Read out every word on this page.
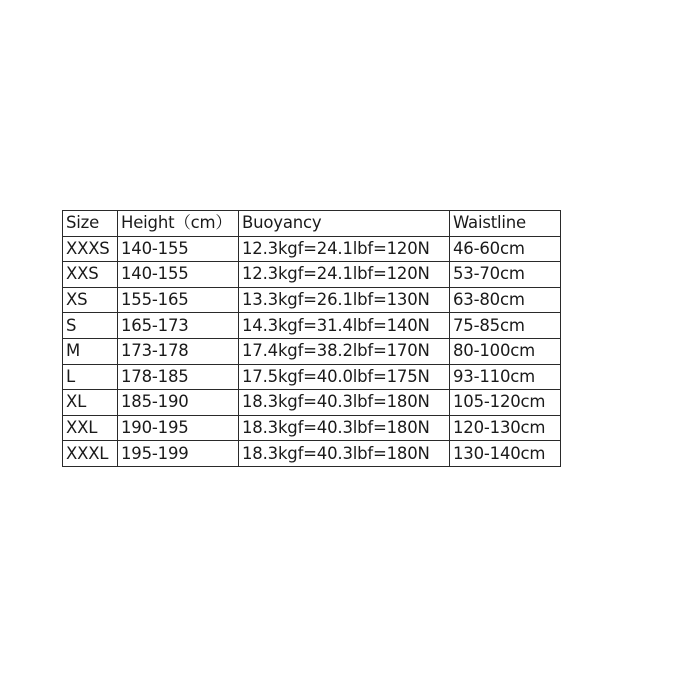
Size	Height（cm）	Buoyancy	Waistline
XXXS	140-155	12.3kgf=24.1lbf=120N	46-60cm
XXS	140-155	12.3kgf=24.1lbf=120N	53-70cm
XS	155-165	13.3kgf=26.1lbf=130N	63-80cm
S	165-173	14.3kgf=31.4lbf=140N	75-85cm
M	173-178	17.4kgf=38.2lbf=170N	80-100cm
L	178-185	17.5kgf=40.0lbf=175N	93-110cm
XL	185-190	18.3kgf=40.3lbf=180N	105-120cm
XXL	190-195	18.3kgf=40.3lbf=180N	120-130cm
XXXL	195-199	18.3kgf=40.3lbf=180N	130-140cm
